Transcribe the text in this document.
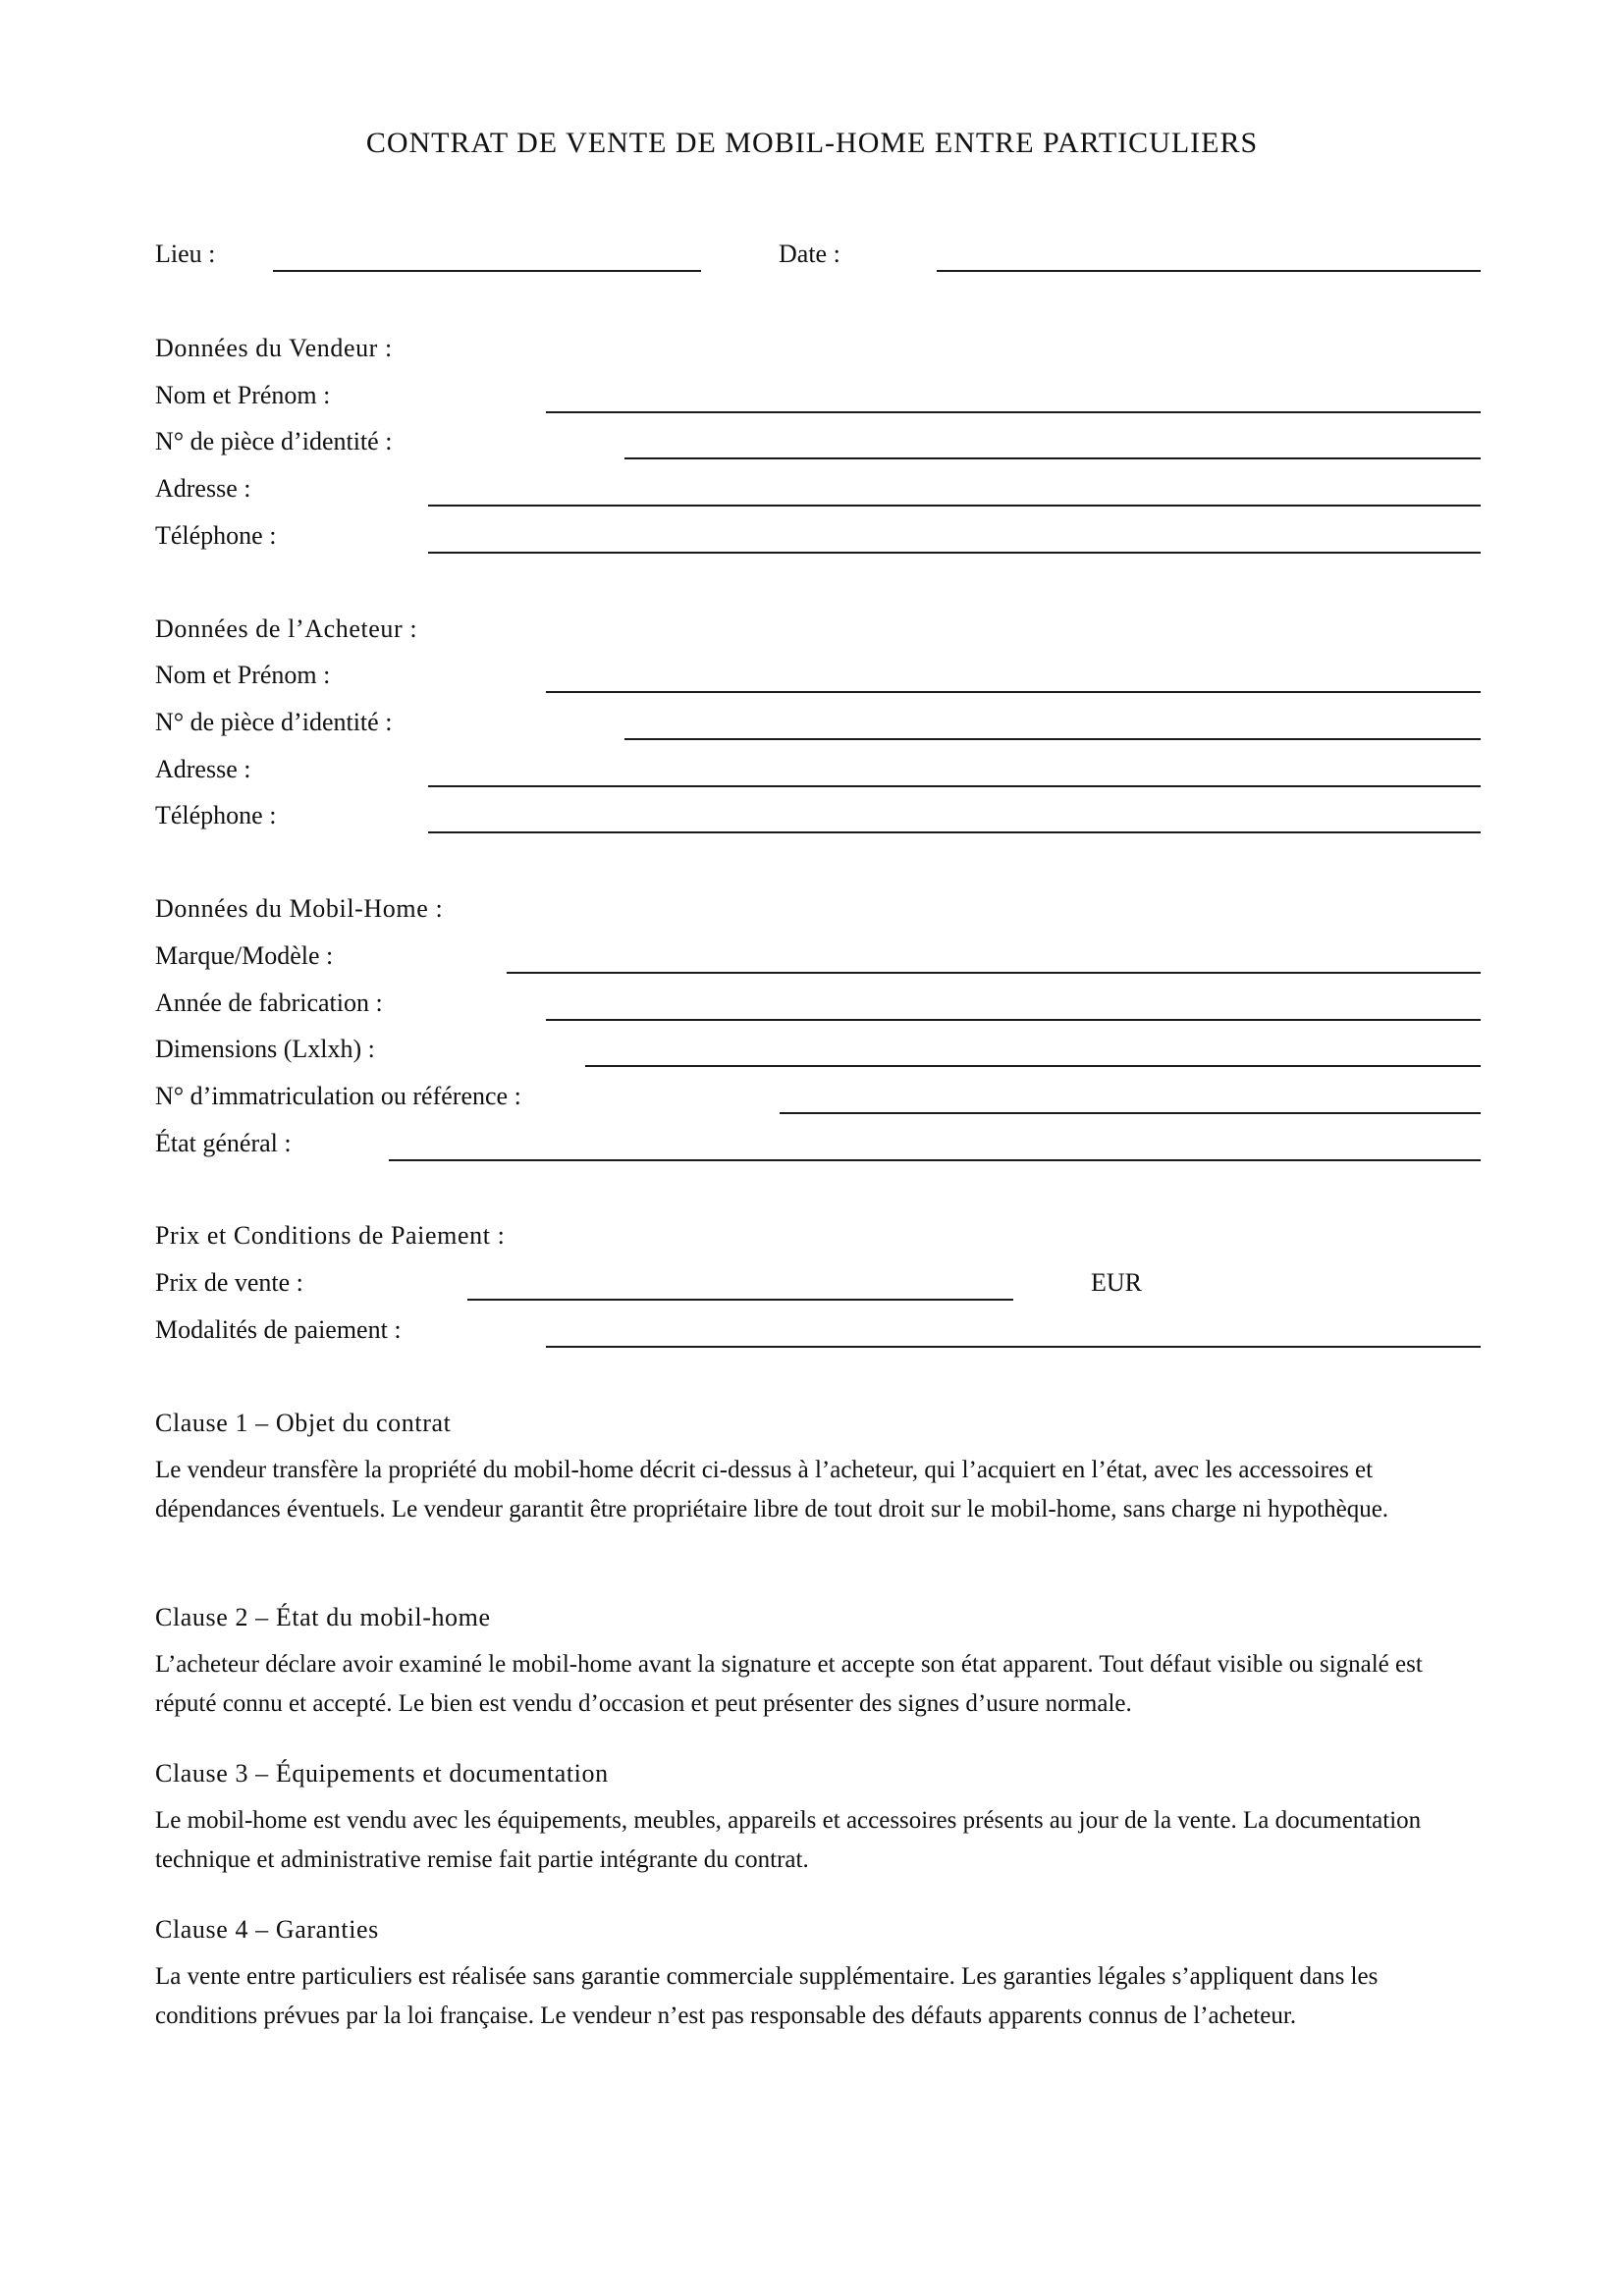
CONTRAT DE VENTE DE MOBIL-HOME ENTRE PARTICULIERS
Lieu :	Date :
Données du Vendeur :
Nom et Prénom :
N° de pièce d’identité :
Adresse :
Téléphone :
Données de l’Acheteur :
Nom et Prénom :
N° de pièce d’identité :
Adresse :
Téléphone :
Données du Mobil-Home :
Marque/Modèle :
Année de fabrication :
Dimensions (Lxlxh) :
N° d’immatriculation ou référence :
État général :
Prix et Conditions de Paiement :
Prix de vente :	EUR
Modalités de paiement :
Clause 1 – Objet du contrat
Le vendeur transfère la propriété du mobil-home décrit ci-dessus à l’acheteur, qui l’acquiert en l’état, avec les accessoires et dépendances éventuels. Le vendeur garantit être propriétaire libre de tout droit sur le mobil-home, sans charge ni hypothèque.
Clause 2 – État du mobil-home
L’acheteur déclare avoir examiné le mobil-home avant la signature et accepte son état apparent. Tout défaut visible ou signalé est réputé connu et accepté. Le bien est vendu d’occasion et peut présenter des signes d’usure normale.
Clause 3 – Équipements et documentation
Le mobil-home est vendu avec les équipements, meubles, appareils et accessoires présents au jour de la vente. La documentation technique et administrative remise fait partie intégrante du contrat.
Clause 4 – Garanties
La vente entre particuliers est réalisée sans garantie commerciale supplémentaire. Les garanties légales s’appliquent dans les conditions prévues par la loi française. Le vendeur n’est pas responsable des défauts apparents connus de l’acheteur.
